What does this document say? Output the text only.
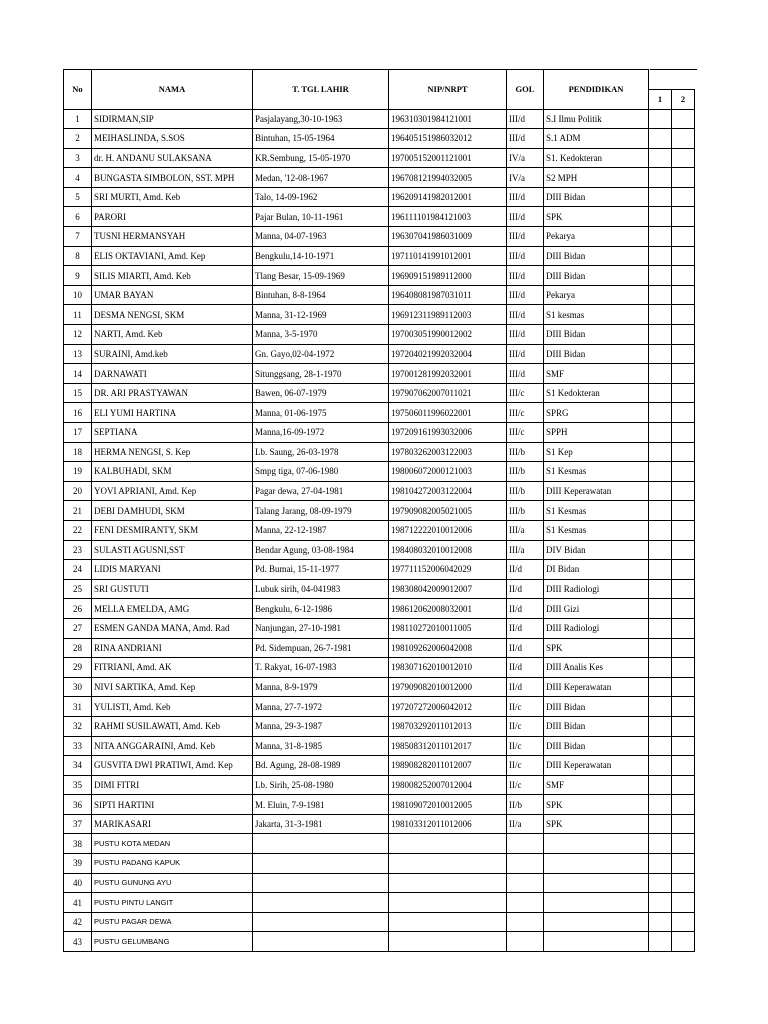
No	NAMA	T. TGL LAHIR	NIP/NRPT	GOL	PENDIDIKAN		
						1	2
1	SIDIRMAN,SIP	Pasjalayang,30-10-1963	196310301984121001	III/d	S.I Ilmu Politik		
2	MEIHASLINDA, S.SOS	Bintuhan, 15-05-1964	196405151986032012	III/d	S.1 ADM		
3	dr. H. ANDANU SULAKSANA	KR.Sembung, 15-05-1970	197005152001121001	IV/a	S1. Kedokteran		
4	BUNGASTA SIMBOLON, SST. MPH	Medan, '12-08-1967	196708121994032005	IV/a	S2 MPH		
5	SRI MURTI, Amd. Keb	Talo, 14-09-1962	196209141982012001	III/d	DIII Bidan		
6	PARORI	Pajar Bulan, 10-11-1961	196111101984121003	III/d	SPK		
7	TUSNI HERMANSYAH	Manna, 04-07-1963	196307041986031009	III/d	Pekarya		
8	ELIS OKTAVIANI, Amd. Kep	Bengkulu,14-10-1971	197110141991012001	III/d	DIII Bidan		
9	SILIS MIARTI, Amd. Keb	Tlang Besar, 15-09-1969	196909151989112000	III/d	DIII Bidan		
10	UMAR BAYAN	Bintuhan, 8-8-1964	196408081987031011	III/d	Pekarya		
11	DESMA NENGSI, SKM	Manna, 31-12-1969	196912311989112003	III/d	S1 kesmas		
12	NARTI, Amd. Keb	Manna, 3-5-1970	197003051990012002	III/d	DIII Bidan		
13	SURAINI, Amd.keb	Gn. Gayo,02-04-1972	197204021992032004	III/d	DIII Bidan		
14	DARNAWATI	Situnggsang, 28-1-1970	197001281992032001	III/d	SMF		
15	DR. ARI PRASTYAWAN	Bawen, 06-07-1979	197907062007011021	III/c	S1 Kedokteran		
16	ELI YUMI HARTINA	Manna, 01-06-1975	197506011996022001	III/c	SPRG		
17	SEPTIANA	Manna,16-09-1972	197209161993032006	III/c	SPPH		
18	HERMA NENGSI, S. Kep	Lb. Saung, 26-03-1978	197803262003122003	III/b	S1 Kep		
19	KALBUHADI, SKM	Smpg tiga, 07-06-1980	198006072000121003	III/b	S1 Kesmas		
20	YOVI APRIANI, Amd. Kep	Pagar dewa, 27-04-1981	198104272003122004	III/b	DIII Keperawatan		
21	DEBI DAMHUDI, SKM	Talang Jarang, 08-09-1979	197909082005021005	III/b	S1 Kesmas		
22	FENI DESMIRANTY, SKM	Manna, 22-12-1987	198712222010012006	III/a	S1 Kesmas		
23	SULASTI AGUSNI,SST	Bendar Agung, 03-08-1984	198408032010012008	III/a	DIV Bidan		
24	LIDIS MARYANI	Pd. Bumai, 15-11-1977	197711152006042029	II/d	DI Bidan		
25	SRI GUSTUTI	Lubuk sirih, 04-041983	198308042009012007	II/d	DIII Radiologi		
26	MELLA EMELDA, AMG	Bengkulu, 6-12-1986	198612062008032001	II/d	DIII Gizi		
27	ESMEN GANDA MANA, Amd. Rad	Nanjungan, 27-10-1981	198110272010011005	II/d	DIII Radiologi		
28	RINA ANDRIANI	Pd. Sidempuan, 26-7-1981	198109262006042008	II/d	SPK		
29	FITRIANI, Amd. AK	T. Rakyat, 16-07-1983	198307162010012010	II/d	DIII Analis Kes		
30	NIVI SARTIKA, Amd. Kep	Manna, 8-9-1979	197909082010012000	II/d	DIII Keperawatan		
31	YULISTI, Amd. Keb	Manna, 27-7-1972	197207272006042012	II/c	DIII Bidan		
32	RAHMI SUSILAWATI, Amd. Keb	Manna, 29-3-1987	198703292011012013	II/c	DIII Bidan		
33	NITA ANGGARAINI, Amd. Keb	Manna, 31-8-1985	198508312011012017	II/c	DIII Bidan		
34	GUSVITA DWI PRATIWI, Amd. Kep	Bd. Agung, 28-08-1989	198908282011012007	II/c	DIII Keperawatan		
35	DIMI FITRI	Lb. Sirih, 25-08-1980	198008252007012004	II/c	SMF		
36	SIPTI HARTINI	M. Eluin, 7-9-1981	198109072010012005	II/b	SPK		
37	MARIKASARI	Jakarta, 31-3-1981	198103312011012006	II/a	SPK		
38	PUSTU KOTA MEDAN						
39	PUSTU PADANG KAPUK						
40	PUSTU GUNUNG AYU						
41	PUSTU PINTU LANGIT						
42	PUSTU PAGAR DEWA						
43	PUSTU GELUMBANG						
